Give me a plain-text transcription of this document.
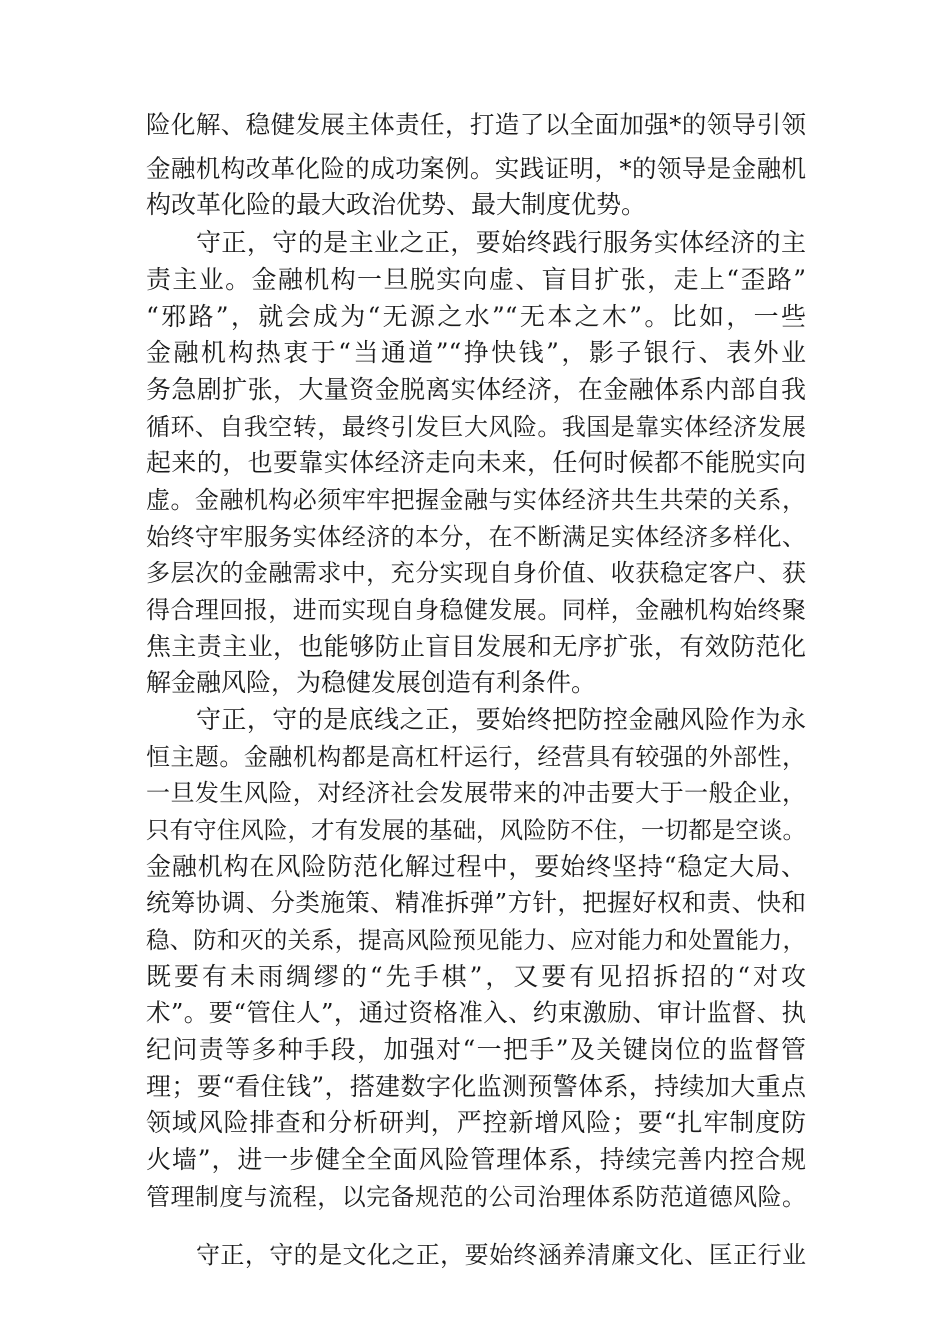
险化解、稳健发展主体责任，打造了以全面加强*的领导引领
金融机构改革化险的成功案例。实践证明，*的领导是金融机
构改革化险的最大政治优势、最大制度优势。
守正，守的是主业之正，要始终践行服务实体经济的主
责主业。金融机构一旦脱实向虚、盲目扩张，走上“歪路”
“邪路”，就会成为“无源之水”“无本之木”。比如，一些
金融机构热衷于“当通道”“挣快钱”，影子银行、表外业
务急剧扩张，大量资金脱离实体经济，在金融体系内部自我
循环、自我空转，最终引发巨大风险。我国是靠实体经济发展
起来的，也要靠实体经济走向未来，任何时候都不能脱实向
虚。金融机构必须牢牢把握金融与实体经济共生共荣的关系，
始终守牢服务实体经济的本分，在不断满足实体经济多样化、
多层次的金融需求中，充分实现自身价值、收获稳定客户、获
得合理回报，进而实现自身稳健发展。同样，金融机构始终聚
焦主责主业，也能够防止盲目发展和无序扩张，有效防范化
解金融风险，为稳健发展创造有利条件。
守正，守的是底线之正，要始终把防控金融风险作为永
恒主题。金融机构都是高杠杆运行，经营具有较强的外部性，
一旦发生风险，对经济社会发展带来的冲击要大于一般企业，
只有守住风险，才有发展的基础，风险防不住，一切都是空谈。
金融机构在风险防范化解过程中，要始终坚持“稳定大局、
统筹协调、分类施策、精准拆弹”方针，把握好权和责、快和
稳、防和灭的关系，提高风险预见能力、应对能力和处置能力，
既要有未雨绸缪的“先手棋”，又要有见招拆招的“对攻
术”。要“管住人”，通过资格准入、约束激励、审计监督、执
纪问责等多种手段，加强对“一把手”及关键岗位的监督管
理；要“看住钱”，搭建数字化监测预警体系，持续加大重点
领域风险排查和分析研判，严控新增风险；要“扎牢制度防
火墙”，进一步健全全面风险管理体系，持续完善内控合规
管理制度与流程，以完备规范的公司治理体系防范道德风险。
守正，守的是文化之正，要始终涵养清廉文化、匡正行业
